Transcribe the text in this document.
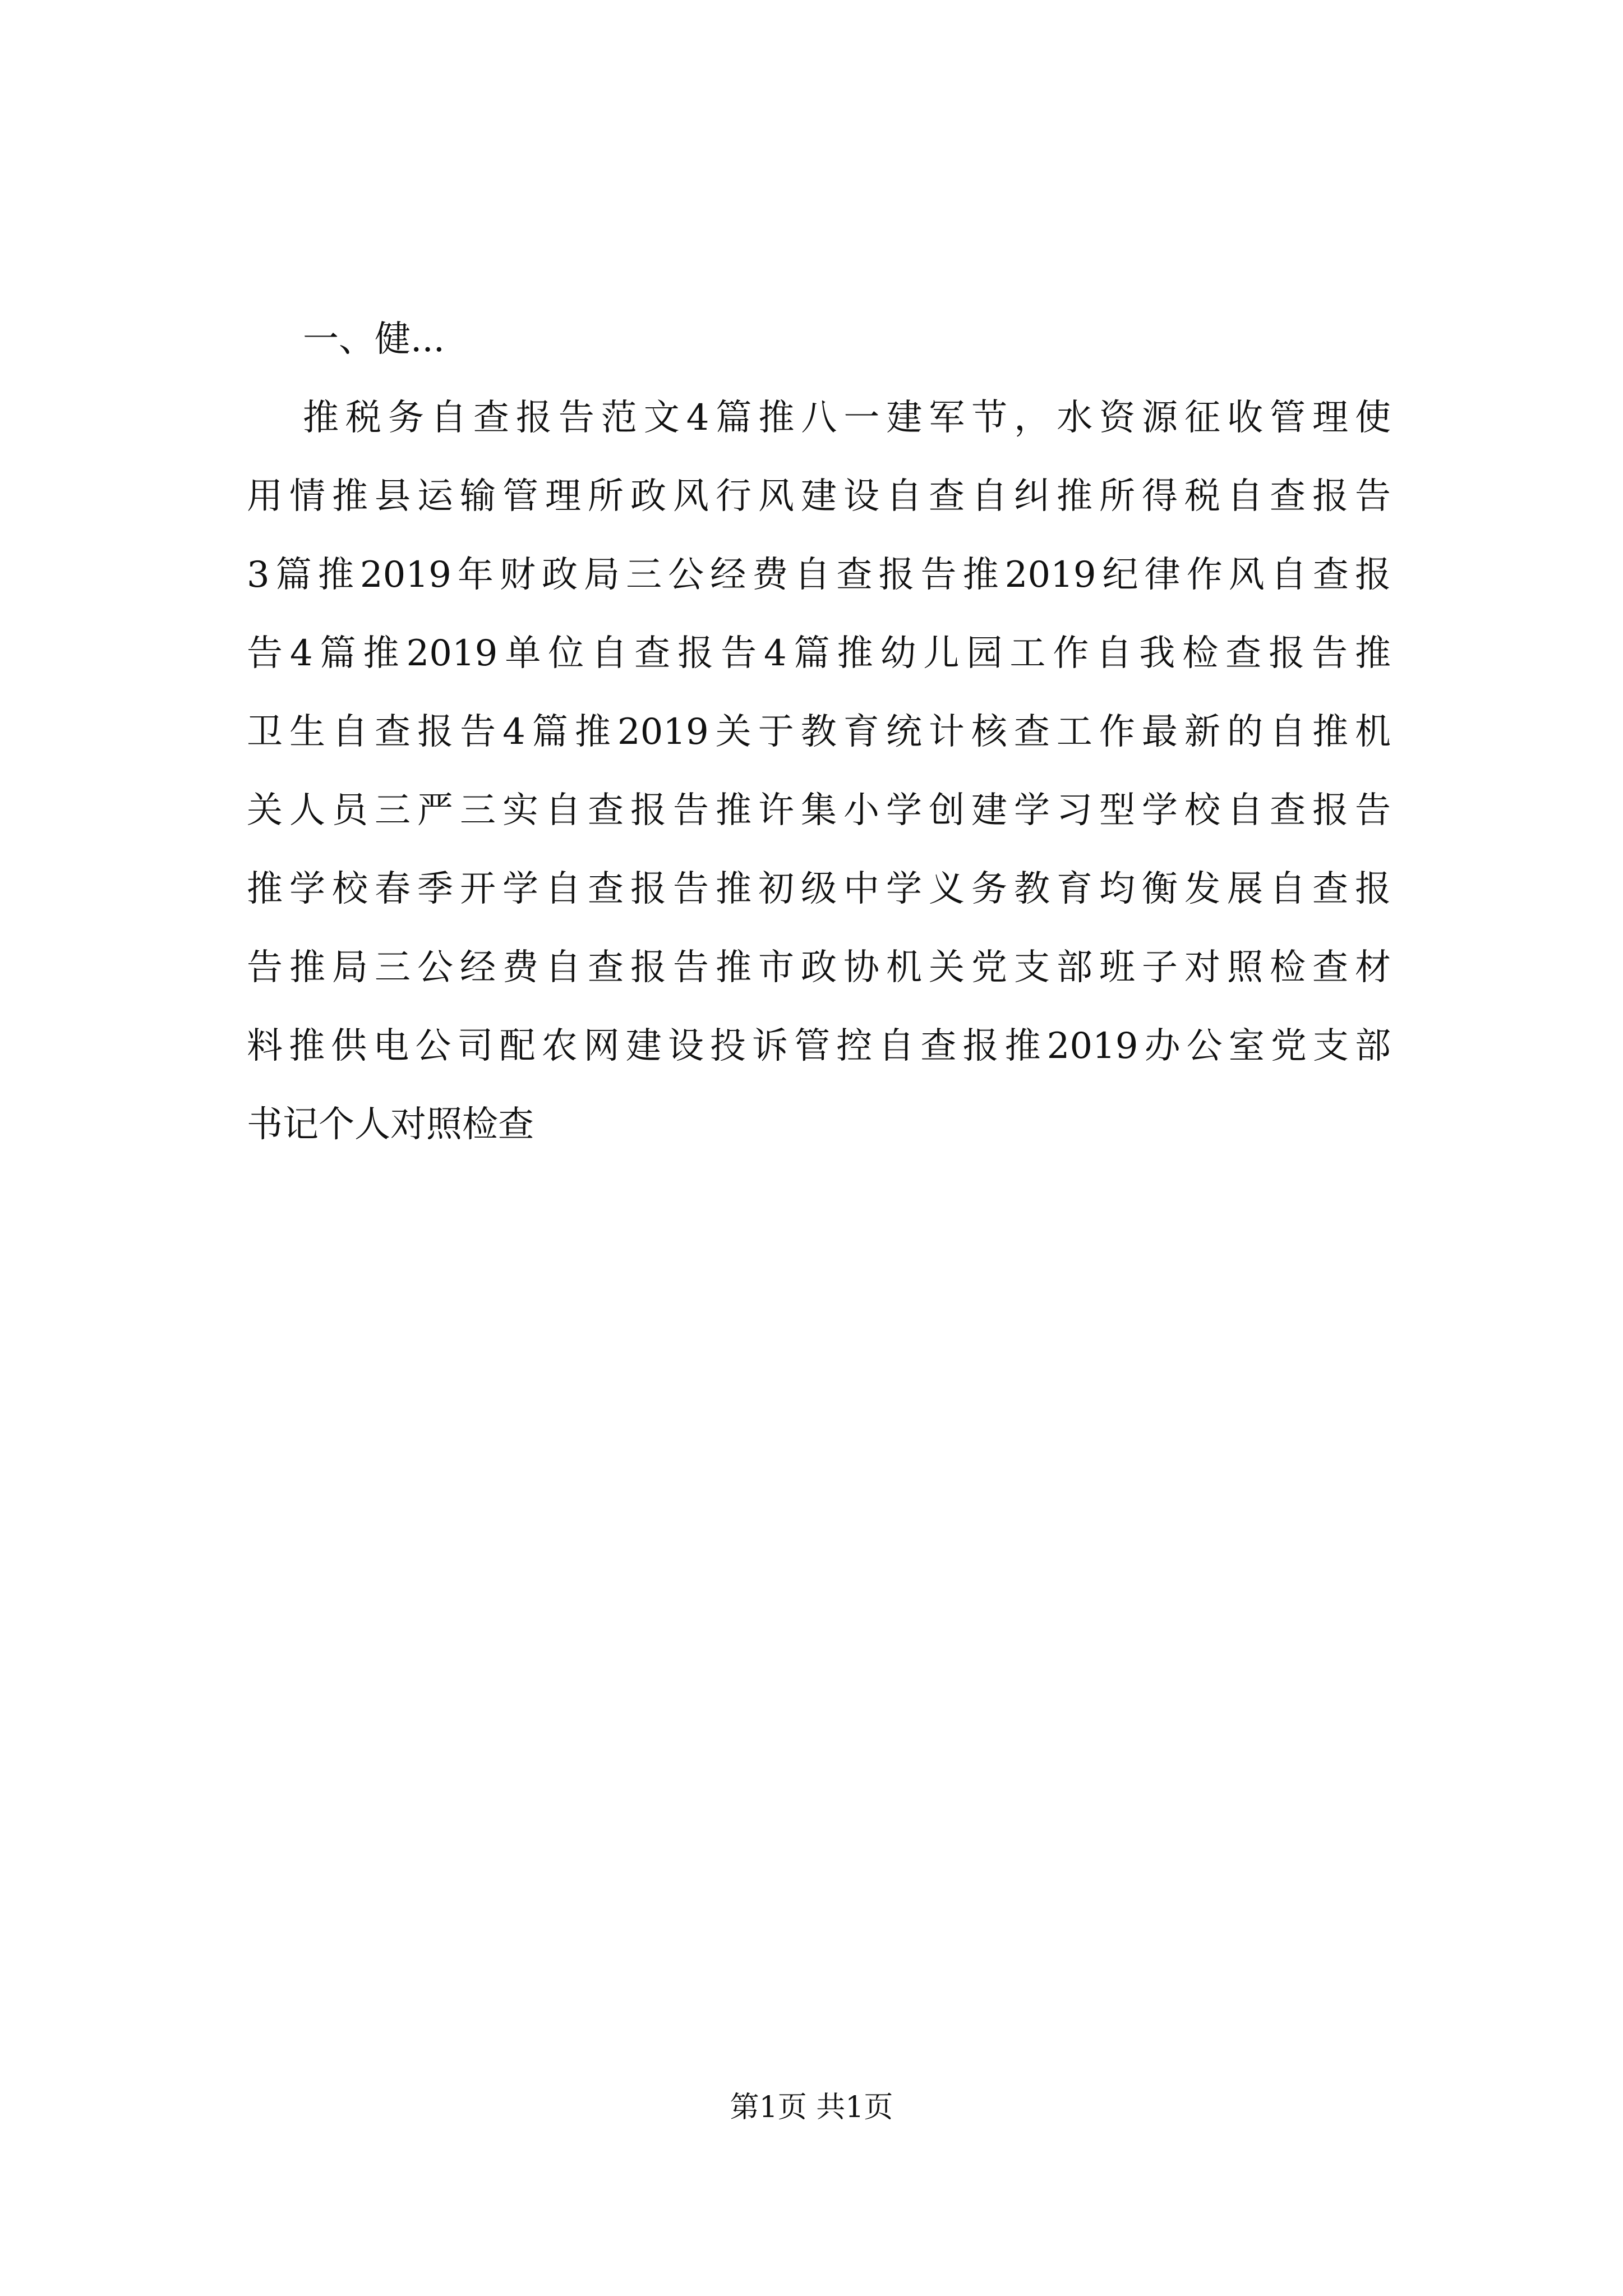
一、健...
推税务自查报告范文4篇推八一建军节，水资源征收管理使
用情推县运输管理所政风行风建设自查自纠推所得税自查报告
3篇推2019年财政局三公经费自查报告推2019纪律作风自查报
告4篇推2019单位自查报告4篇推幼儿园工作自我检查报告推
卫生自查报告4篇推2019关于教育统计核查工作最新的自推机
关人员三严三实自查报告推许集小学创建学习型学校自查报告
推学校春季开学自查报告推初级中学义务教育均衡发展自查报
告推局三公经费自查报告推市政协机关党支部班子对照检查材
料推供电公司配农网建设投诉管控自查报推2019办公室党支部
书记个人对照检查
第1页 共1页
